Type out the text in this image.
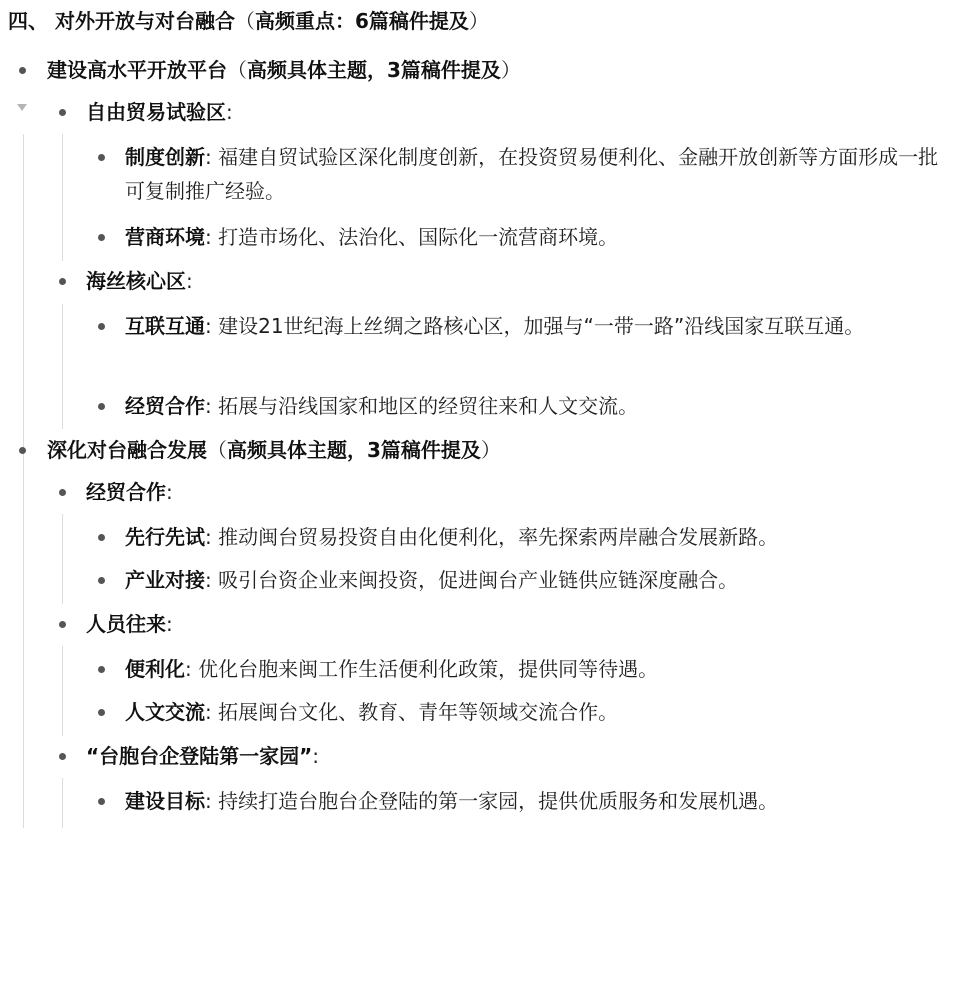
四、 对外开放与对台融合（高频重点：6篇稿件提及）
建设高水平开放平台（高频具体主题，3篇稿件提及）
自由贸易试验区:
制度创新: 福建自贸试验区深化制度创新，在投资贸易便利化、金融开放创新等方面形成一批可复制推广经验。
营商环境: 打造市场化、法治化、国际化一流营商环境。
海丝核心区:
互联互通: 建设21世纪海上丝绸之路核心区，加强与“一带一路”沿线国家互联互通。
经贸合作: 拓展与沿线国家和地区的经贸往来和人文交流。
深化对台融合发展（高频具体主题，3篇稿件提及）
经贸合作:
先行先试: 推动闽台贸易投资自由化便利化，率先探索两岸融合发展新路。
产业对接: 吸引台资企业来闽投资，促进闽台产业链供应链深度融合。
人员往来:
便利化: 优化台胞来闽工作生活便利化政策，提供同等待遇。
人文交流: 拓展闽台文化、教育、青年等领域交流合作。
“台胞台企登陆第一家园”:
建设目标: 持续打造台胞台企登陆的第一家园，提供优质服务和发展机遇。
